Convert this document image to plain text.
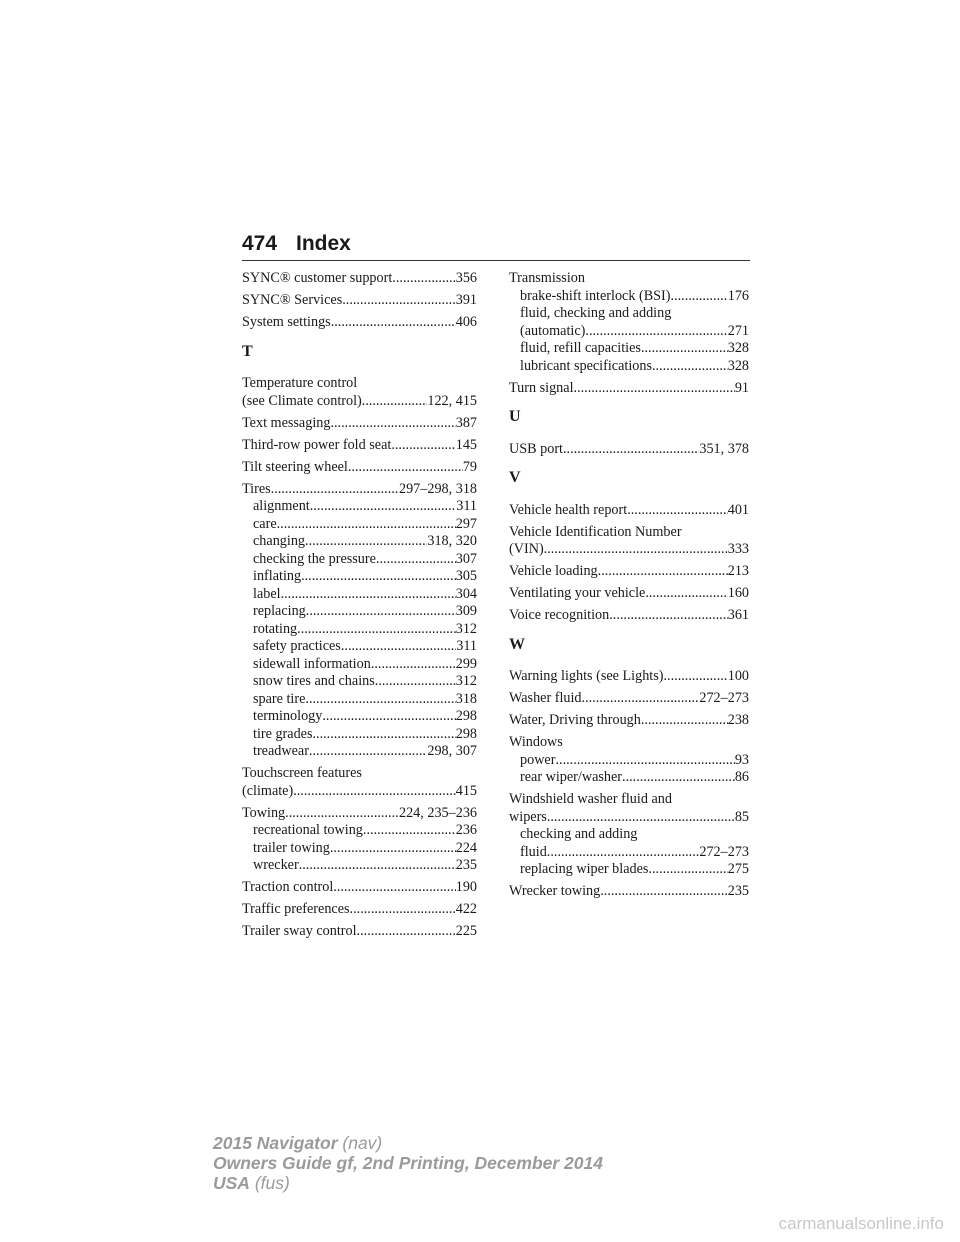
474 Index
SYNC® customer support .....	356
SYNC® Services .....	391
System settings .....	406
T
Temperature control
(see Climate control) .....	122, 415
Text messaging .....	387
Third-row power fold seat .....	145
Tilt steering wheel .....	79
Tires .....	297–298, 318
alignment .....	311
care .....	297
changing .....	318, 320
checking the pressure .....	307
inflating .....	305
label .....	304
replacing .....	309
rotating .....	312
safety practices .....	311
sidewall information .....	299
snow tires and chains .....	312
spare tire .....	318
terminology .....	298
tire grades .....	298
treadwear .....	298, 307
Touchscreen features
(climate) .....	415
Towing .....	224, 235–236
recreational towing .....	236
trailer towing .....	224
wrecker .....	235
Traction control .....	190
Traffic preferences .....	422
Trailer sway control .....	225
Transmission
brake-shift interlock (BSI) .....	176
fluid, checking and adding
(automatic) .....	271
fluid, refill capacities .....	328
lubricant specifications .....	328
Turn signal .....	91
U
USB port .....	351, 378
V
Vehicle health report .....	401
Vehicle Identification Number
(VIN) .....	333
Vehicle loading .....	213
Ventilating your vehicle .....	160
Voice recognition .....	361
W
Warning lights (see Lights) .....	100
Washer fluid .....	272–273
Water, Driving through .....	238
Windows
power .....	93
rear wiper/washer .....	86
Windshield washer fluid and
wipers .....	85
checking and adding
fluid .....	272–273
replacing wiper blades .....	275
Wrecker towing .....	235
2015 Navigator (nav)
Owners Guide gf, 2nd Printing, December 2014
USA (fus)
carmanualsonline.info
